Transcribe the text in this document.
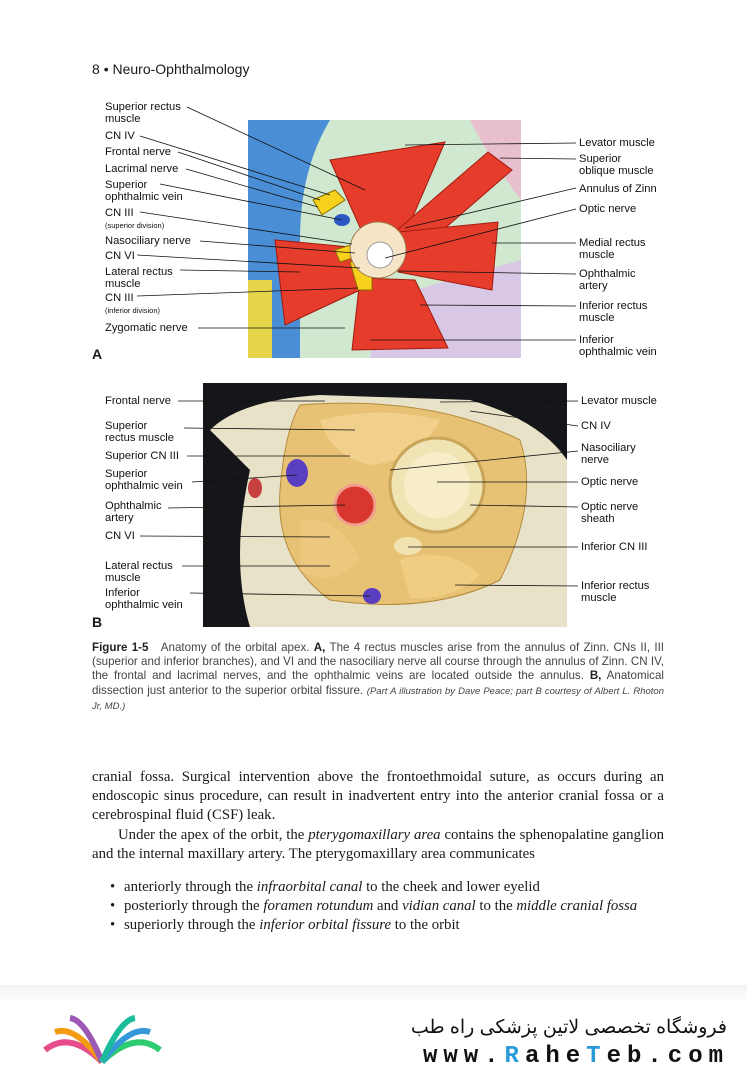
8 • Neuro-Ophthalmology
Superior rectus
muscle
CN IV
Frontal nerve
Lacrimal nerve
Superior
ophthalmic vein
CN III
(superior division)
Nasociliary nerve
CN VI
Lateral rectus
muscle
CN III
(inferior division)
Zygomatic nerve
A
Levator muscle
Superior
oblique muscle
Annulus of Zinn
Optic nerve
Medial rectus
muscle
Ophthalmic
artery
Inferior rectus
muscle
Inferior
ophthalmic vein
Frontal nerve
Superior
rectus muscle
Superior CN III
Superior
ophthalmic vein
Ophthalmic
artery
CN VI
Lateral rectus
muscle
Inferior
ophthalmic vein
B
Levator muscle
CN IV
Nasociliary
nerve
Optic nerve
Optic nerve
sheath
Inferior CN III
Inferior rectus
muscle
Figure 1-5 Anatomy of the orbital apex. A, The 4 rectus muscles arise from the annulus of Zinn. CNs II, III (superior and inferior branches), and VI and the nasociliary nerve all course through the annulus of Zinn. CN IV, the frontal and lacrimal nerves, and the ophthalmic veins are located outside the annulus. B, Anatomical dissection just anterior to the superior orbital fissure. (Part A illustration by Dave Peace; part B courtesy of Albert L. Rhoton Jr, MD.)

cranial fossa. Surgical intervention above the frontoethmoidal suture, as occurs during an endoscopic sinus procedure, can result in inadvertent entry into the anterior cranial fossa or a cerebrospinal fluid (CSF) leak.

Under the apex of the orbit, the pterygomaxillary area contains the sphenopalatine ganglion and the internal maxillary artery. The pterygomaxillary area communicates

• anteriorly through the infraorbital canal to the cheek and lower eyelid
• posteriorly through the foramen rotundum and vidian canal to the middle cranial fossa
• superiorly through the inferior orbital fissure to the orbit
فروشگاه تخصصی لاتین پزشکی راه طب
www.RaheTeb.com
